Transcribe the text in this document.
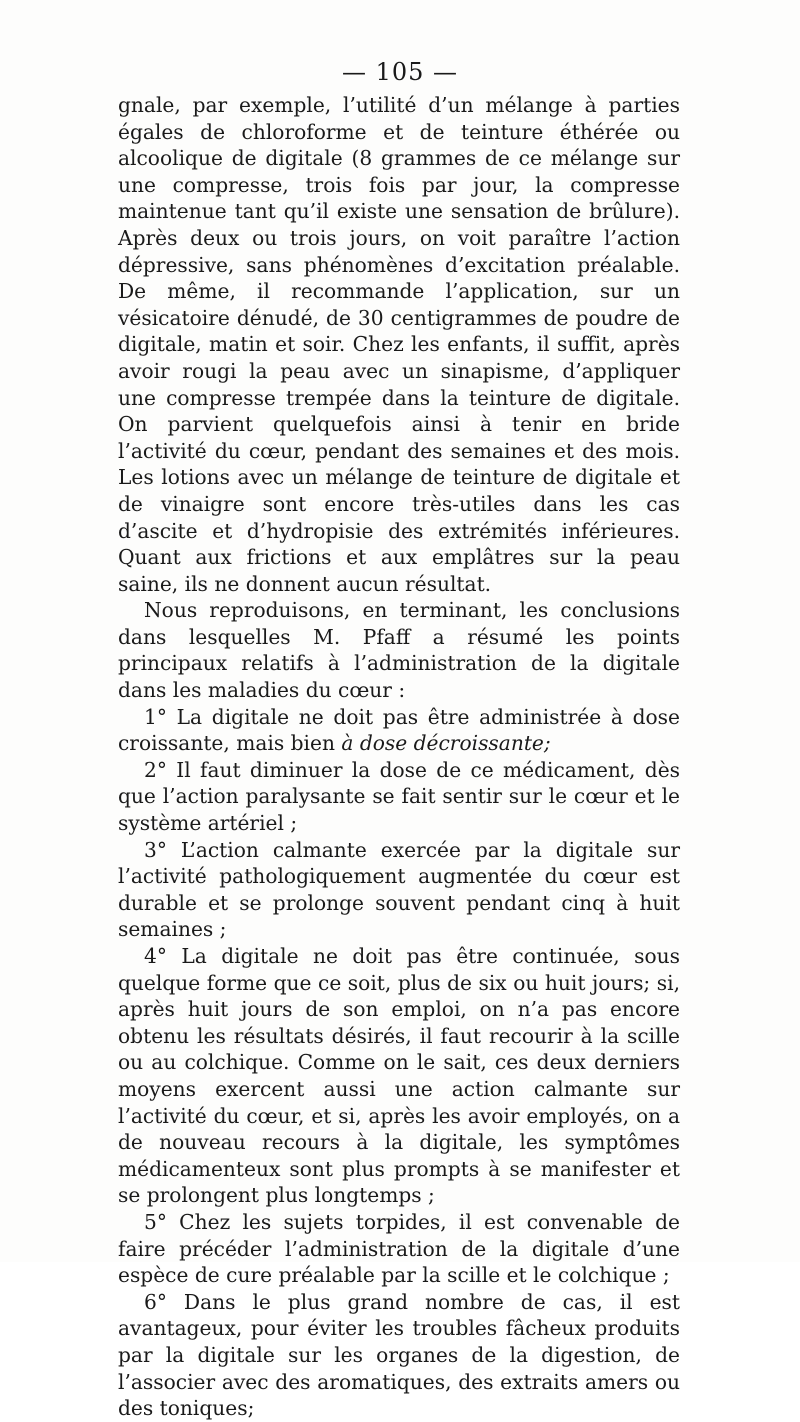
— 105 —

gnale, par exemple, l’utilité d’un mélange à parties égales de chloroforme et de teinture éthérée ou alcoolique de digitale (8 grammes de ce mélange sur une compresse, trois fois par jour, la compresse maintenue tant qu’il existe une sensation de brûlure). Après deux ou trois jours, on voit paraître l’action dépressive, sans phénomènes d’excitation préalable. De même, il recommande l’application, sur un vésicatoire dénudé, de 30 centigrammes de poudre de digitale, matin et soir. Chez les enfants, il suffit, après avoir rougi la peau avec un sinapisme, d’appliquer une compresse trempée dans la teinture de digitale. On parvient quelquefois ainsi à tenir en bride l’activité du cœur, pendant des semaines et des mois. Les lotions avec un mélange de teinture de digitale et de vinaigre sont encore très-utiles dans les cas d’ascite et d’hydropisie des extrémités inférieures. Quant aux frictions et aux emplâtres sur la peau saine, ils ne donnent aucun résultat.

Nous reproduisons, en terminant, les conclusions dans lesquelles M. Pfaff a résumé les points principaux relatifs à l’administration de la digitale dans les maladies du cœur :

1° La digitale ne doit pas être administrée à dose croissante, mais bien à dose décroissante;

2° Il faut diminuer la dose de ce médicament, dès que l’action paralysante se fait sentir sur le cœur et le système artériel ;

3° L’action calmante exercée par la digitale sur l’activité pathologiquement augmentée du cœur est durable et se prolonge souvent pendant cinq à huit semaines ;

4° La digitale ne doit pas être continuée, sous quelque forme que ce soit, plus de six ou huit jours; si, après huit jours de son emploi, on n’a pas encore obtenu les résultats désirés, il faut recourir à la scille ou au colchique. Comme on le sait, ces deux derniers moyens exercent aussi une action calmante sur l’activité du cœur, et si, après les avoir employés, on a de nouveau recours à la digitale, les symptômes médicamenteux sont plus prompts à se manifester et se prolongent plus longtemps ;

5° Chez les sujets torpides, il est convenable de faire précéder l’administration de la digitale d’une espèce de cure préalable par la scille et le colchique ;

6° Dans le plus grand nombre de cas, il est avantageux, pour éviter les troubles fâcheux produits par la digitale sur les organes de la digestion, de l’associer avec des aromatiques, des extraits amers ou des toniques;
